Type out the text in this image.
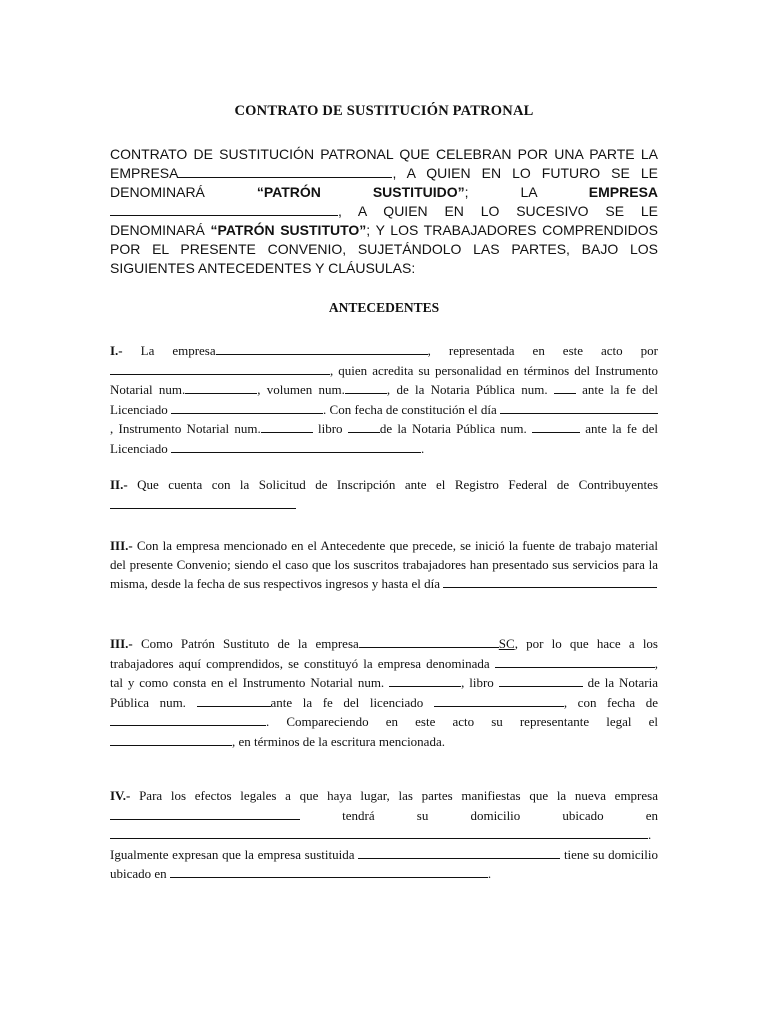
CONTRATO DE SUSTITUCIÓN PATRONAL
CONTRATO DE SUSTITUCIÓN PATRONAL QUE CELEBRAN POR UNA PARTE LA EMPRESA	, A QUIEN EN LO FUTURO SE LE DENOMINARÁ	“PATRÓN SUSTITUIDO”; LA	EMPRESA , A QUIEN EN LO SUCESIVO SE LE DENOMINARÁ “PATRÓN SUSTITUTO”; Y LOS TRABAJADORES COMPRENDIDOS POR EL PRESENTE CONVENIO, SUJETÁNDOLO LAS PARTES, BAJO LOS SIGUIENTES ANTECEDENTES Y CLÁUSULAS:
ANTECEDENTES
I.- La empresa	, representada en este acto por , quien acredita su personalidad en términos del Instrumento Notarial num.	, volumen num.	, de la Notaria Pública num.  ante la fe del Licenciado	. Con fecha de constitución el día , Instrumento Notarial num.	libro	de la Notaria Pública num.	ante la fe del Licenciado	.
II.- Que cuenta con la Solicitud de Inscripción ante el Registro Federal de Contribuyentes
III.- Con la empresa mencionado en el Antecedente que precede, se inició la fuente de trabajo material del presente Convenio; siendo el caso que los suscritos trabajadores han presentado sus servicios para la misma, desde la fecha de sus respectivos ingresos y hasta el día
III.- Como Patrón Sustituto de la empresa	SC, por lo que hace a los trabajadores aquí comprendidos, se constituyó la empresa denominada	, tal y como consta en el Instrumento Notarial num.	, libro	de la Notaria Pública num.	ante la fe del licenciado	, con fecha de . Compareciendo en este acto su representante legal el , en términos de la escritura mencionada.
IV.- Para los efectos legales a que haya lugar, las partes manifiestas que la nueva empresa  tendrá su domicilio ubicado en . Igualmente expresan que la empresa sustituida	tiene su domicilio ubicado en	.
